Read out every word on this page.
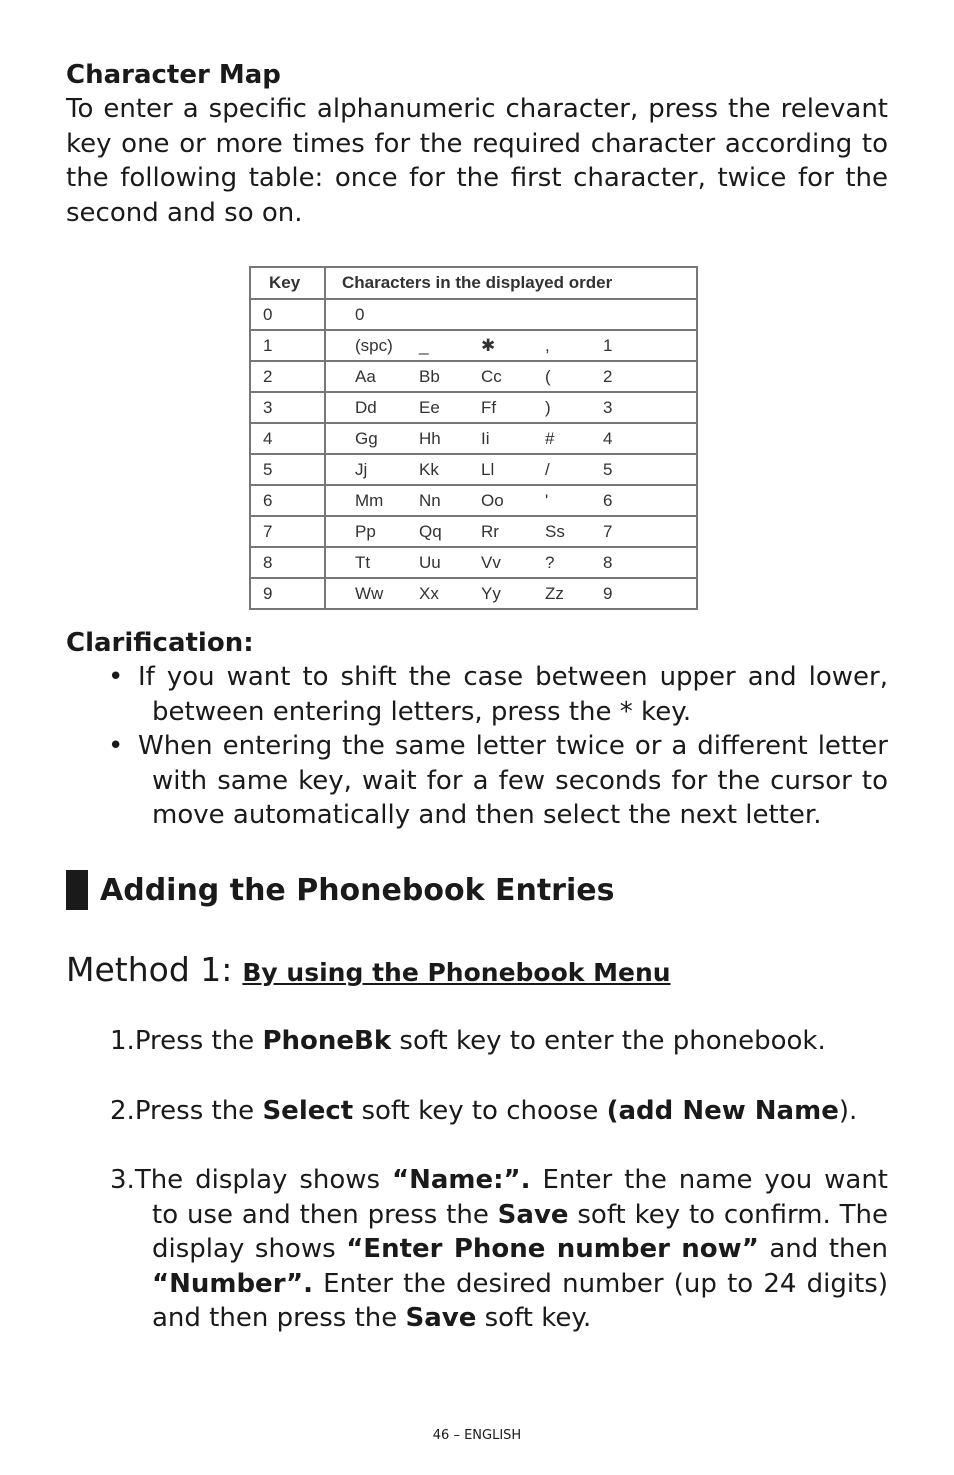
Character Map

To enter a specific alphanumeric character, press the relevant key one or more times for the required character according to the following table: once for the first character, twice for the second and so on.

Key	Characters in the displayed order
0	0

1	(spc) _ ✱ , 1

2	Aa Bb Cc ( 2

3	Dd Ee Ff ) 3

4	Gg Hh Ii # 4

5	Jj Kk Ll / 5

6	Mm Nn Oo ' 6

7	Pp Qq Rr Ss 7

8	Tt Uu Vv ? 8

9	Ww Xx Yy Zz 9

Clarification:

• If you want to shift the case between upper and lower, between entering letters, press the * key.
• When entering the same letter twice or a different letter with same key, wait for a few seconds for the cursor to move automatically and then select the next letter.
Adding the Phonebook Entries
Method 1: By using the Phonebook Menu

1.Press the PhoneBk soft key to enter the phonebook.

2.Press the Select soft key to choose (add New Name).

3.The display shows “Name:”. Enter the name you want to use and then press the Save soft key to confirm. The display shows “Enter Phone number now” and then “Number”. Enter the desired number (up to 24 digits) and then press the Save soft key.

46 – ENGLISH
